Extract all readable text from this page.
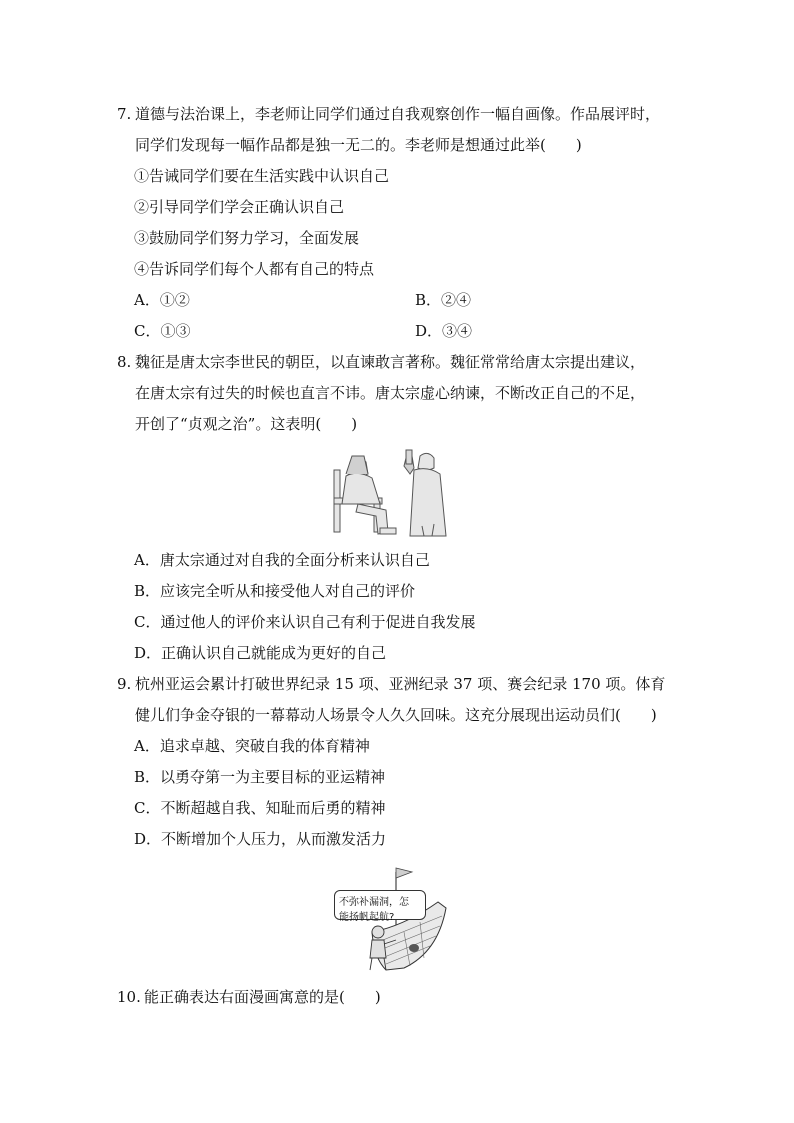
7. 道德与法治课上，李老师让同学们通过自我观察创作一幅自画像。作品展评时，
同学们发现每一幅作品都是独一无二的。李老师是想通过此举(　　)
①告诫同学们要在生活实践中认识自己
②引导同学们学会正确认识自己
③鼓励同学们努力学习，全面发展
④告诉同学们每个人都有自己的特点
A．①②	B．②④
C．①③	D．③④
8. 魏征是唐太宗李世民的朝臣，以直谏敢言著称。魏征常常给唐太宗提出建议，
在唐太宗有过失的时候也直言不讳。唐太宗虚心纳谏，不断改正自己的不足，
开创了“贞观之治”。这表明(　　)
A．唐太宗通过对自我的全面分析来认识自己
B．应该完全听从和接受他人对自己的评价
C．通过他人的评价来认识自己有利于促进自我发展
D．正确认识自己就能成为更好的自己
9. 杭州亚运会累计打破世界纪录 15 项、亚洲纪录 37 项、赛会纪录 170 项。体育
健儿们争金夺银的一幕幕动人场景令人久久回味。这充分展现出运动员们(　　)
A．追求卓越、突破自我的体育精神
B．以勇夺第一为主要目标的亚运精神
C．不断超越自我、知耻而后勇的精神
D．不断增加个人压力，从而激发活力
不弥补漏洞，怎
能扬帆起航?
10. 能正确表达右面漫画寓意的是(　　)
